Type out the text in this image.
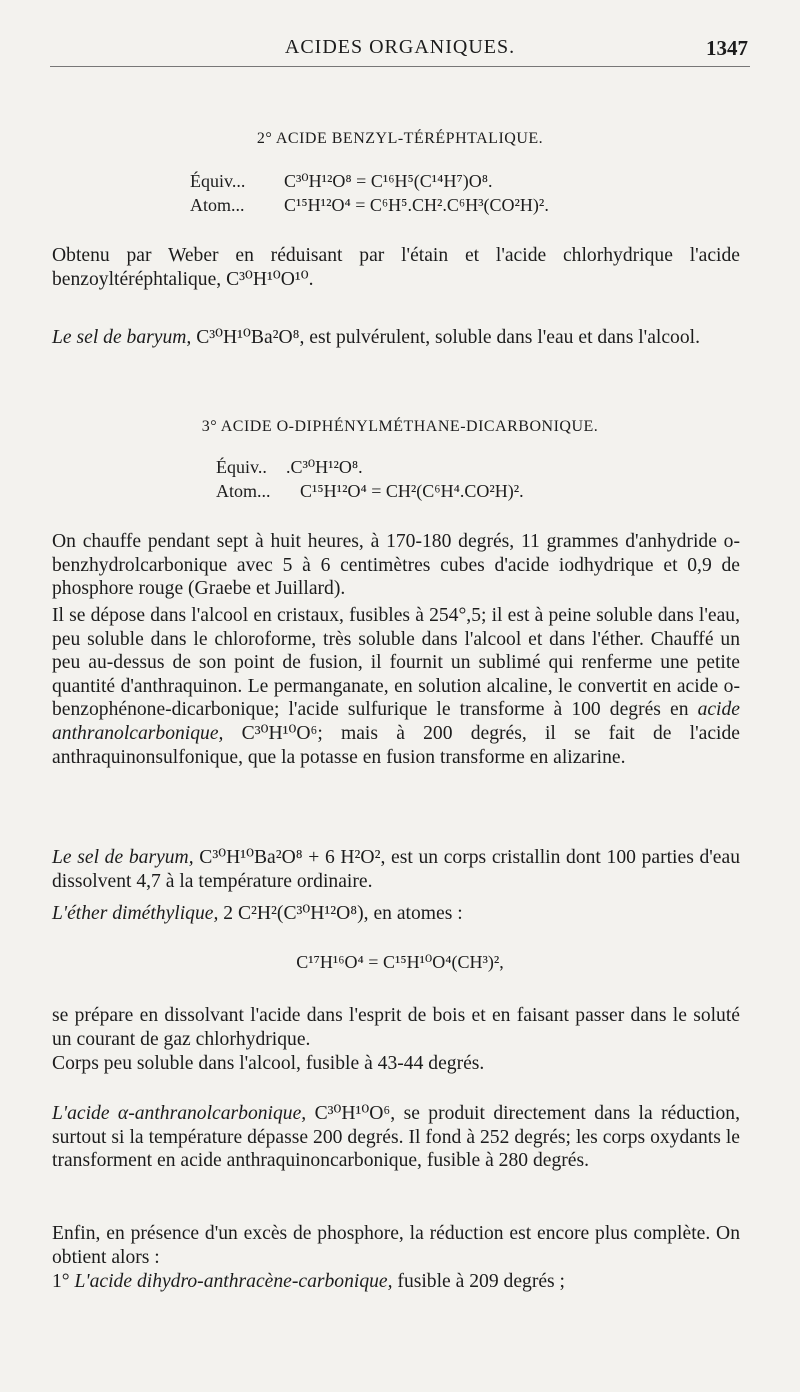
ACIDES ORGANIQUES.	1347
2° ACIDE BENZYL-TÉRÉPHTALIQUE.
Équiv... C³⁰H¹²O⁸ = C¹⁶H⁵(C¹⁴H⁷)O⁸.
Atom... C¹⁵H¹²O⁴ = C⁶H⁵.CH².C⁶H³(CO²H)².
Obtenu par Weber en réduisant par l'étain et l'acide chlorhydrique l'acide benzoyltéréphtalique, C³⁰H¹⁰O¹⁰.
Le sel de baryum, C³⁰H¹⁰Ba²O⁸, est pulvérulent, soluble dans l'eau et dans l'alcool.
3° ACIDE O-DIPHÉNYLMÉTHANE-DICARBONIQUE.
Équiv.. .C³⁰H¹²O⁸.
Atom... C¹⁵H¹²O⁴ = CH²(C⁶H⁴.CO²H)².
On chauffe pendant sept à huit heures, à 170-180 degrés, 11 grammes d'anhydride o-benzhydrolcarbonique avec 5 à 6 centimètres cubes d'acide iodhydrique et 0,9 de phosphore rouge (Graebe et Juillard).
Il se dépose dans l'alcool en cristaux, fusibles à 254°,5; il est à peine soluble dans l'eau, peu soluble dans le chloroforme, très soluble dans l'alcool et dans l'éther. Chauffé un peu au-dessus de son point de fusion, il fournit un sublimé qui renferme une petite quantité d'anthraquinon. Le permanganate, en solution alcaline, le convertit en acide o-benzophénone-dicarbonique; l'acide sulfurique le transforme à 100 degrés en acide anthranolcarbonique, C³⁰H¹⁰O⁶; mais à 200 degrés, il se fait de l'acide anthraquinonsulfonique, que la potasse en fusion transforme en alizarine.
Le sel de baryum, C³⁰H¹⁰Ba²O⁸ + 6 H²O², est un corps cristallin dont 100 parties d'eau dissolvent 4,7 à la température ordinaire.
L'éther diméthylique, 2 C²H²(C³⁰H¹²O⁸), en atomes :
C¹⁷H¹⁶O⁴ = C¹⁵H¹⁰O⁴(CH³)²,
se prépare en dissolvant l'acide dans l'esprit de bois et en faisant passer dans le soluté un courant de gaz chlorhydrique.
Corps peu soluble dans l'alcool, fusible à 43-44 degrés.
L'acide α-anthranolcarbonique, C³⁰H¹⁰O⁶, se produit directement dans la réduction, surtout si la température dépasse 200 degrés. Il fond à 252 degrés; les corps oxydants le transforment en acide anthraquinoncarbonique, fusible à 280 degrés.
Enfin, en présence d'un excès de phosphore, la réduction est encore plus complète. On obtient alors :
1° L'acide dihydro-anthracène-carbonique, fusible à 209 degrés ;
